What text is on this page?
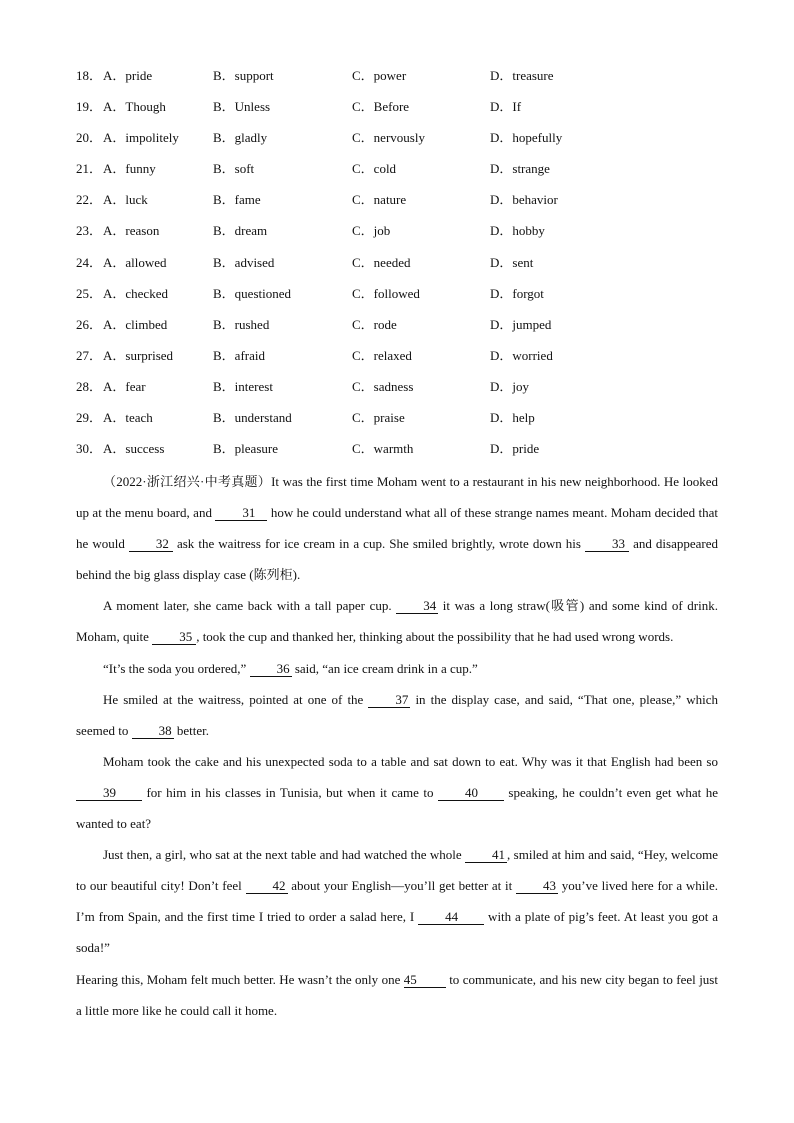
18． A．pride	B．support	C．power	D．treasure
19． A．Though	B．Unless	C．Before	D．If
20． A．impolitely	B．gladly	C．nervously	D．hopefully
21． A．funny	B．soft	C．cold	D．strange
22． A．luck	B．fame	C．nature	D．behavior
23． A．reason	B．dream	C．job	D．hobby
24． A．allowed	B．advised	C．needed	D．sent
25． A．checked	B．questioned	C．followed	D．forgot
26． A．climbed	B．rushed	C．rode	D．jumped
27． A．surprised	B．afraid	C．relaxed	D．worried
28． A．fear	B．interest	C．sadness	D．joy
29． A．teach	B．understand	C．praise	D．help
30． A．success	B．pleasure	C．warmth	D．pride

（2022·浙江绍兴·中考真题）It was the first time Moham went to a restaurant in his new neighborhood. He looked up at the menu board, and 31 how he could understand what all of these strange names meant. Moham decided that he would 32 ask the waitress for ice cream in a cup. She smiled brightly, wrote down his 33 and disappeared behind the big glass display case (陈列柜).

A moment later, she came back with a tall paper cup. 34 it was a long straw(吸管) and some kind of drink. Moham, quite 35 , took the cup and thanked her, thinking about the possibility that he had used wrong words.

“It’s the soda you ordered,” 36 said, “an ice cream drink in a cup.”

He smiled at the waitress, pointed at one of the 37 in the display case, and said, “That one, please,” which seemed to 38 better.

Moham took the cake and his unexpected soda to a table and sat down to eat. Why was it that English had been so 39 for him in his classes in Tunisia, but when it came to 40 speaking, he couldn’t even get what he wanted to eat?

Just then, a girl, who sat at the next table and had watched the whole 41 , smiled at him and said, “Hey, welcome to our beautiful city! Don’t feel 42 about your English—you’ll get better at it 43 you’ve lived here for a while. I’m from Spain, and the first time I tried to order a salad here, I 44 with a plate of pig’s feet. At least you got a soda!”

Hearing this, Moham felt much better. He wasn’t the only one 45 to communicate, and his new city began to feel just a little more like he could call it home.
